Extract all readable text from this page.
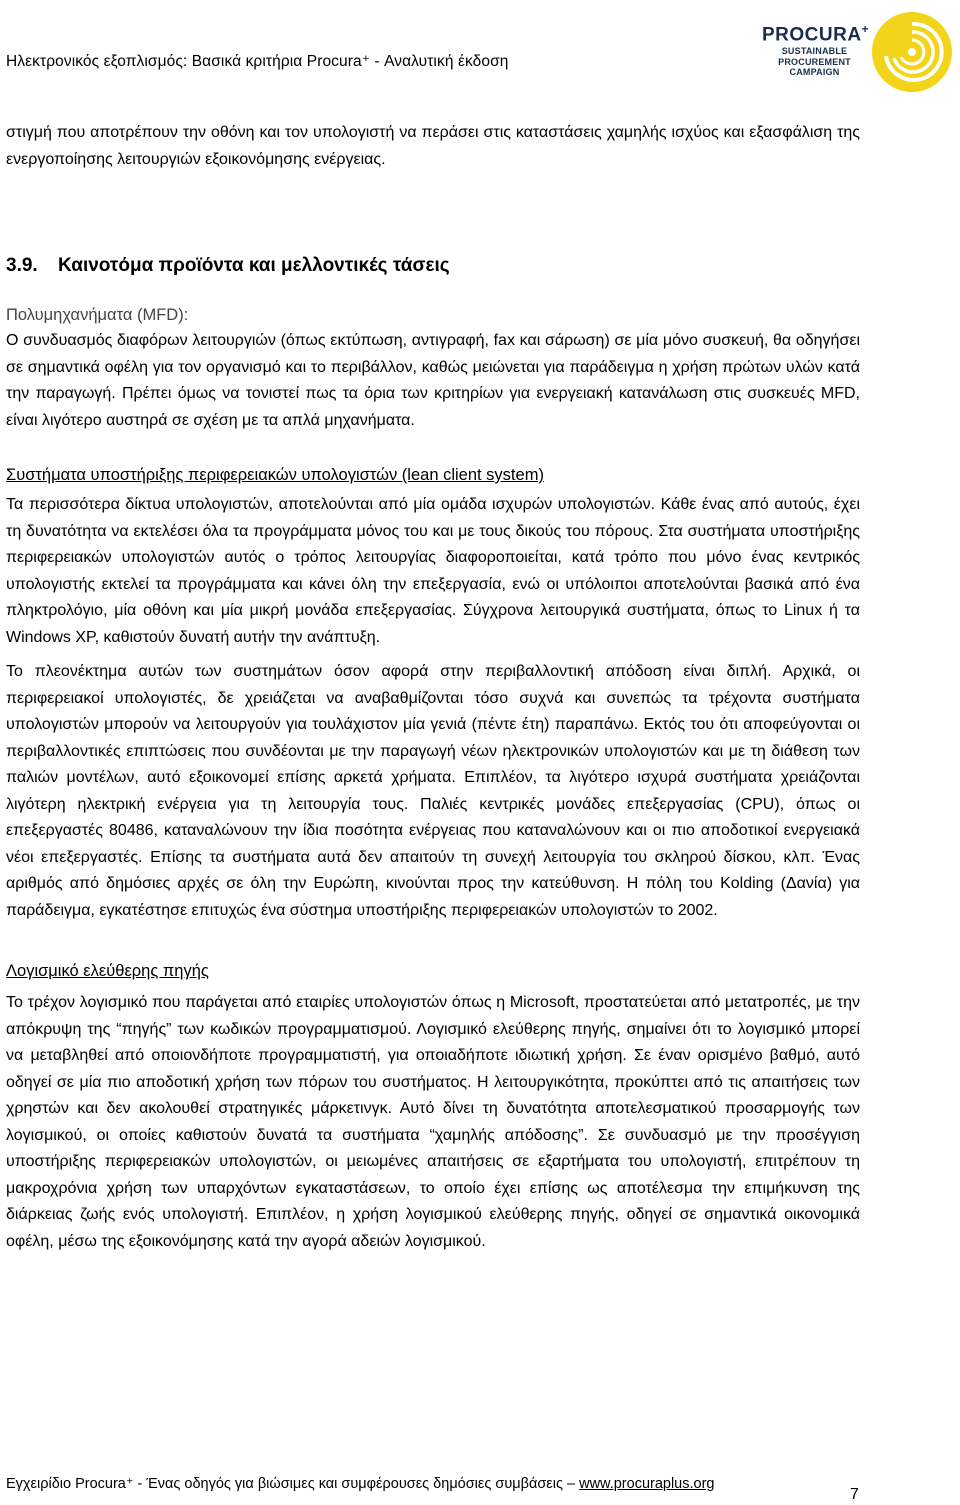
Ηλεκτρονικός εξοπλισμός: Βασικά κριτήρια Procura⁺ - Αναλυτική έκδοση
PROCURA+
SUSTAINABLE
PROCUREMENT
CAMPAIGN

στιγμή που αποτρέπουν την οθόνη και τον υπολογιστή να περάσει στις καταστάσεις χαμηλής ισχύος και εξασφάλιση της ενεργοποίησης λειτουργιών εξοικονόμησης ενέργειας.

3.9.	Καινοτόμα προϊόντα και μελλοντικές τάσεις
Πολυμηχανήματα (MFD):

Ο συνδυασμός διαφόρων λειτουργιών (όπως εκτύπωση, αντιγραφή, fax και σάρωση) σε μία μόνο συσκευή, θα οδηγήσει σε σημαντικά οφέλη για τον οργανισμό και το περιβάλλον, καθώς μειώνεται για παράδειγμα η χρήση πρώτων υλών κατά την παραγωγή. Πρέπει όμως να τονιστεί πως τα όρια των κριτηρίων για ενεργειακή κατανάλωση στις συσκευές MFD, είναι λιγότερο αυστηρά σε σχέση με τα απλά μηχανήματα.

Συστήματα υποστήριξης περιφερειακών υπολογιστών (lean client system)

Τα περισσότερα δίκτυα υπολογιστών, αποτελούνται από μία ομάδα ισχυρών υπολογιστών. Κάθε ένας από αυτούς, έχει τη δυνατότητα να εκτελέσει όλα τα προγράμματα μόνος του και με τους δικούς του πόρους. Στα συστήματα υποστήριξης περιφερειακών υπολογιστών αυτός ο τρόπος λειτουργίας διαφοροποιείται, κατά τρόπο που μόνο ένας κεντρικός υπολογιστής εκτελεί τα προγράμματα και κάνει όλη την επεξεργασία, ενώ οι υπόλοιποι αποτελούνται βασικά από ένα πληκτρολόγιο, μία οθόνη και μία μικρή μονάδα επεξεργασίας. Σύγχρονα λειτουργικά συστήματα, όπως το Linux ή τα Windows XP, καθιστούν δυνατή αυτήν την ανάπτυξη.

Το πλεονέκτημα αυτών των συστημάτων όσον αφορά στην περιβαλλοντική απόδοση είναι διπλή. Αρχικά, οι περιφερειακοί υπολογιστές, δε χρειάζεται να αναβαθμίζονται τόσο συχνά και συνεπώς τα τρέχοντα συστήματα υπολογιστών μπορούν να λειτουργούν για τουλάχιστον μία γενιά (πέντε έτη) παραπάνω. Εκτός του ότι αποφεύγονται οι περιβαλλοντικές επιπτώσεις που συνδέονται με την παραγωγή νέων ηλεκτρονικών υπολογιστών και με τη διάθεση των παλιών μοντέλων, αυτό εξοικονομεί επίσης αρκετά χρήματα. Επιπλέον, τα λιγότερο ισχυρά συστήματα χρειάζονται λιγότερη ηλεκτρική ενέργεια για τη λειτουργία τους. Παλιές κεντρικές μονάδες επεξεργασίας (CPU), όπως οι επεξεργαστές 80486, καταναλώνουν την ίδια ποσότητα ενέργειας που καταναλώνουν και οι πιο αποδοτικοί ενεργειακά νέοι επεξεργαστές. Επίσης τα συστήματα αυτά δεν απαιτούν τη συνεχή λειτουργία του σκληρού δίσκου, κλπ. Ένας αριθμός από δημόσιες αρχές σε όλη την Ευρώπη, κινούνται προς την κατεύθυνση. Η πόλη του Kolding (Δανία) για παράδειγμα, εγκατέστησε επιτυχώς ένα σύστημα υποστήριξης περιφερειακών υπολογιστών το 2002.

Λογισμικό ελεύθερης πηγής

Το τρέχον λογισμικό που παράγεται από εταιρίες υπολογιστών όπως η Microsoft, προστατεύεται από μετατροπές, με την απόκρυψη της “πηγής” των κωδικών προγραμματισμού. Λογισμικό ελεύθερης πηγής, σημαίνει ότι το λογισμικό μπορεί να μεταβληθεί από οποιονδήποτε προγραμματιστή, για οποιαδήποτε ιδιωτική χρήση. Σε έναν ορισμένο βαθμό, αυτό οδηγεί σε μία πιο αποδοτική χρήση των πόρων του συστήματος. Η λειτουργικότητα, προκύπτει από τις απαιτήσεις των χρηστών και δεν ακολουθεί στρατηγικές μάρκετινγκ. Αυτό δίνει τη δυνατότητα αποτελεσματικού προσαρμογής των λογισμικού, οι οποίες καθιστούν δυνατά τα συστήματα “χαμηλής απόδοσης”. Σε συνδυασμό με την προσέγγιση υποστήριξης περιφερειακών υπολογιστών, οι μειωμένες απαιτήσεις σε εξαρτήματα του υπολογιστή, επιτρέπουν τη μακροχρόνια χρήση των υπαρχόντων εγκαταστάσεων, το οποίο έχει επίσης ως αποτέλεσμα την επιμήκυνση της διάρκειας ζωής ενός υπολογιστή. Επιπλέον, η χρήση λογισμικού ελεύθερης πηγής, οδηγεί σε σημαντικά οικονομικά οφέλη, μέσω της εξοικονόμησης κατά την αγορά αδειών λογισμικού.

Εγχειρίδιο Procura⁺ - Ένας οδηγός για βιώσιμες και συμφέρουσες δημόσιες συμβάσεις – www.procuraplus.org
7
